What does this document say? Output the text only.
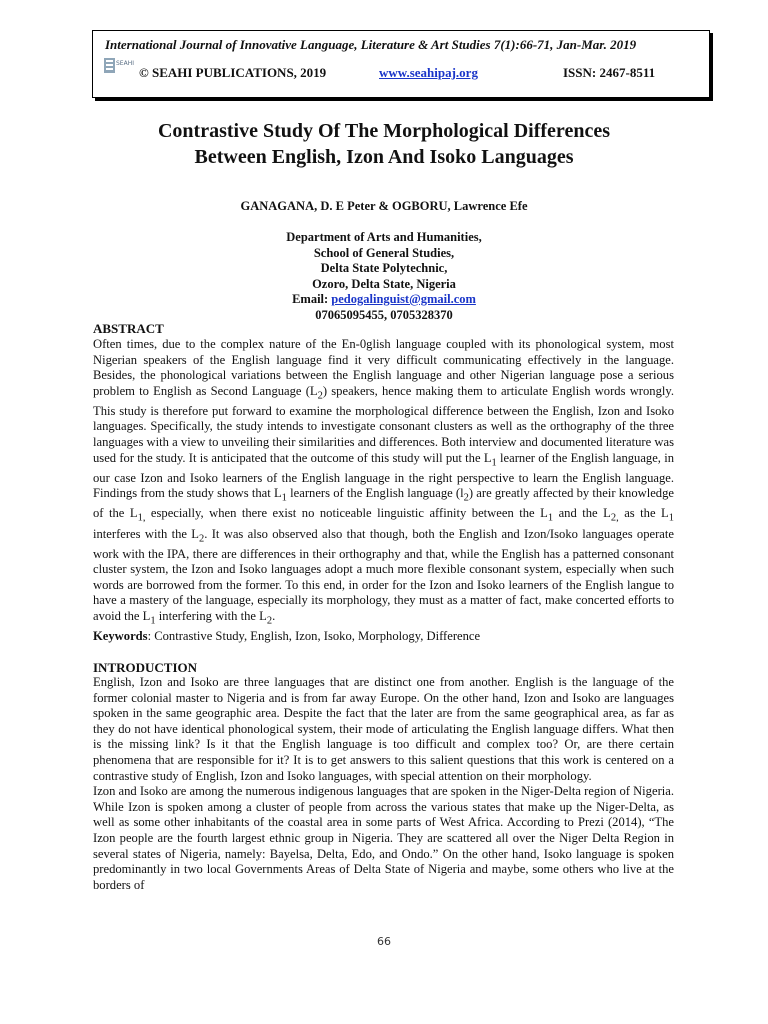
International Journal of Innovative Language, Literature & Art Studies 7(1):66-71, Jan-Mar. 2019
SEAHI
© SEAHI PUBLICATIONS, 2019	www.seahipaj.org	ISSN: 2467-8511
Contrastive Study Of The Morphological Differences
Between English, Izon And Isoko Languages
GANAGANA, D. E Peter & OGBORU, Lawrence Efe
Department of Arts and Humanities,
School of General Studies,
Delta State Polytechnic,
Ozoro, Delta State, Nigeria
Email: pedogalinguist@gmail.com
07065095455, 0705328370
ABSTRACT

Often times, due to the complex nature of the En-0glish language coupled with its phonological system, most Nigerian speakers of the English language find it very difficult communicating effectively in the language. Besides, the phonological variations between the English language and other Nigerian language pose a serious problem to English as Second Language $(L_2)$ speakers, hence making them to articulate English words wrongly. This study is therefore put forward to examine the morphological difference between the English, Izon and Isoko languages. Specifically, the study intends to investigate consonant clusters as well as the orthography of the three languages with a view to unveiling their similarities and differences. Both interview and documented literature was used for the study. It is anticipated that the outcome of this study will put the $L_1$ learner of the English language, in our case Izon and Isoko learners of the English language in the right perspective to learn the English language. Findings from the study shows that $L_1$ learners of the English language $(l_2)$ are greatly affected by their knowledge of the $L_{1,}$ especially, when there exist no noticeable linguistic affinity between the $L_1$ and the $L_{2,}$ as the $L_1$ interferes with the $L_2$. It was also observed also that though, both the English and Izon/Isoko languages operate work with the IPA, there are differences in their orthography and that, while the English has a patterned consonant cluster system, the Izon and Isoko languages adopt a much more flexible consonant system, especially when such words are borrowed from the former. To this end, in order for the Izon and Isoko learners of the English langue to have a mastery of the language, especially its morphology, they must as a matter of fact, make concerted efforts to avoid the $L_1$ interfering with the $L_2$.

Keywords: Contrastive Study, English, Izon, Isoko, Morphology, Difference

INTRODUCTION

English, Izon and Isoko are three languages that are distinct one from another. English is the language of the former colonial master to Nigeria and is from far away Europe. On the other hand, Izon and Isoko are languages spoken in the same geographic area. Despite the fact that the later are from the same geographical area, as far as they do not have identical phonological system, their mode of articulating the English language differs. What then is the missing link? Is it that the English language is too difficult and complex too? Or, are there certain phenomena that are responsible for it? It is to get answers to this salient questions that this work is centered on a contrastive study of English, Izon and Isoko languages, with special attention on their morphology.

Izon and Isoko are among the numerous indigenous languages that are spoken in the Niger-Delta region of Nigeria. While Izon is spoken among a cluster of people from across the various states that make up the Niger-Delta, as well as some other inhabitants of the coastal area in some parts of West Africa. According to Prezi (2014), “The Izon people are the fourth largest ethnic group in Nigeria. They are scattered all over the Niger Delta Region in several states of Nigeria, namely: Bayelsa, Delta, Edo, and Ondo.” On the other hand, Isoko language is spoken predominantly in two local Governments Areas of Delta State of Nigeria and maybe, some others who live at the borders of

66
